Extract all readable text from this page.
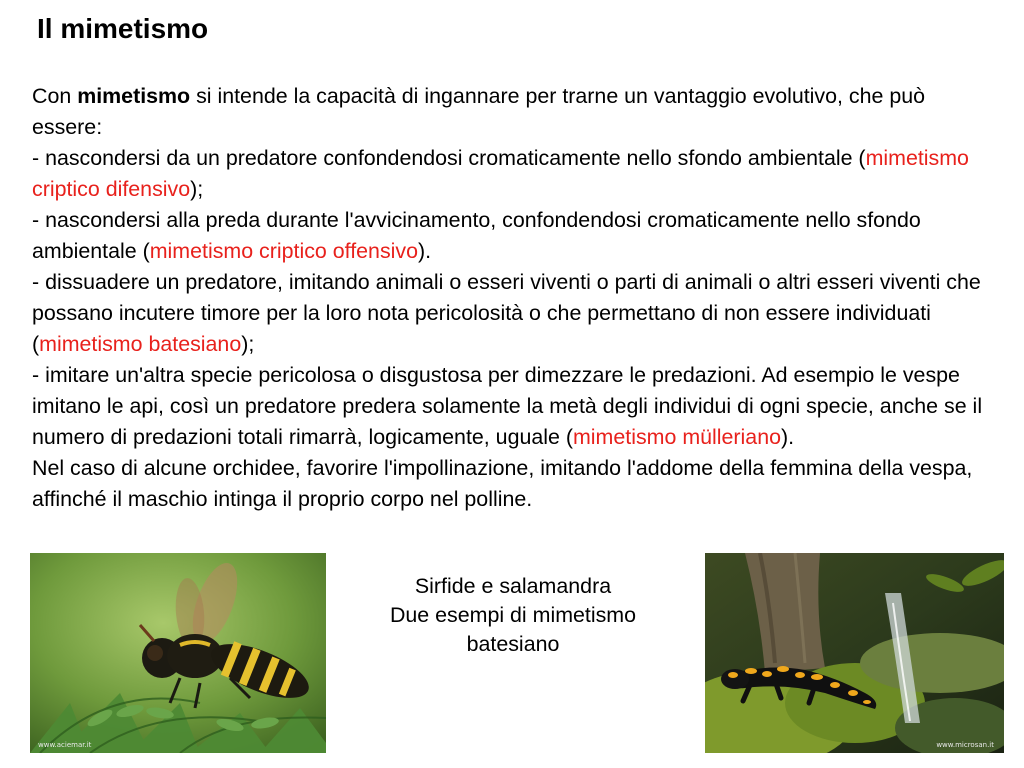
Il mimetismo

Con mimetismo si intende la capacità di ingannare per trarne un vantaggio evolutivo, che può essere:

- nascondersi da un predatore confondendosi cromaticamente nello sfondo ambientale (mimetismo criptico difensivo);

- nascondersi alla preda durante l'avvicinamento, confondendosi cromaticamente nello sfondo ambientale (mimetismo criptico offensivo).

- dissuadere un predatore, imitando animali o esseri viventi o parti di animali o altri esseri viventi che possano incutere timore per la loro nota pericolosità o che permettano di non essere individuati (mimetismo batesiano);

- imitare un'altra specie pericolosa o disgustosa per dimezzare le predazioni. Ad esempio le vespe imitano le api, così un predatore predera solamente la metà degli individui di ogni specie, anche se il numero di predazioni totali rimarrà, logicamente, uguale (mimetismo mülleriano).

Nel caso di alcune orchidee, favorire l'impollinazione, imitando l'addome della femmina della vespa, affinché il maschio intinga il proprio corpo nel polline.

www.aciemar.it
Sirfide e salamandra
Due esempi di mimetismo
batesiano
www.microsan.it
